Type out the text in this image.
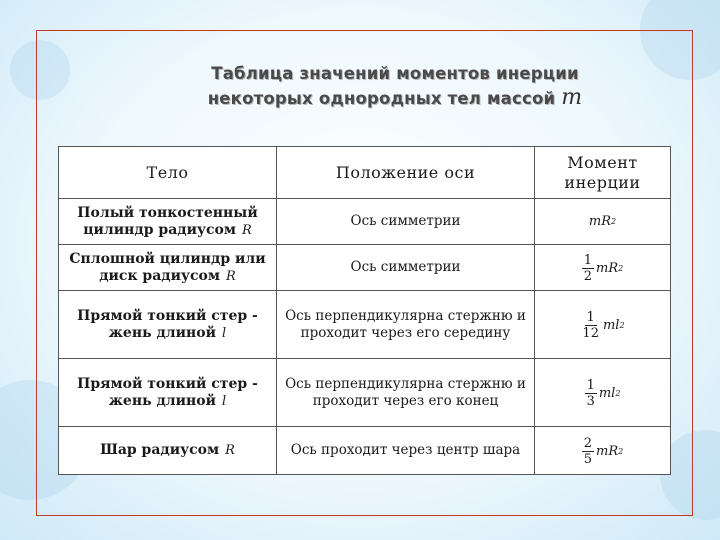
Таблица значений моментов инерции
некоторых однородных тел массой m
Тело	Положение оси	Момент инерции
Полый тонкостенный цилиндр радиусом R	Ось симметрии	mR 2

Сплошной цилиндр или диск радиусом R	Ось симметрии	$\frac{1}{2}$ mR 2

Прямой тонкий стер - жень длиной l	Ось перпендикулярна стержню и проходит через его середину	$\frac{1}{12}$ ml 2

Прямой тонкий стер - жень длиной l	Ось перпендикулярна стержню и проходит через его конец	$\frac{1}{3}$ ml 2

Шар радиусом R	Ось проходит через центр шара	$\frac{2}{5}$ mR 2
